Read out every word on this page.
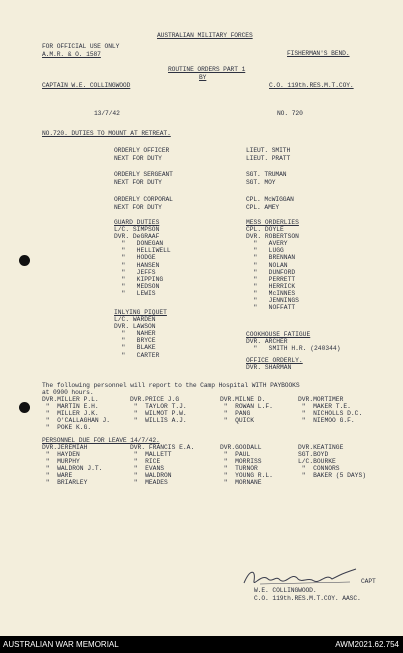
AUSTRALIAN MILITARY FORCES
FOR OFFICIAL USE ONLY
A.M.R. & O. 1587	FISHERMAN'S BEND.
ROUTINE ORDERS PART 1
BY
CAPTAIN W.E. COLLINGWOOD	C.O. 119th.RES.M.T.COY.
13/7/42	NO. 720
NO.720. DUTIES TO MOUNT AT RETREAT.
ORDERLY OFFICER	LIEUT. SMITH
NEXT FOR DUTY	LIEUT. PRATT
ORDERLY SERGEANT	SGT. TRUMAN
NEXT FOR DUTY	SGT. MOY
ORDERLY CORPORAL	CPL. McWIGGAN
NEXT FOR DUTY	CPL. AMEY
GUARD DUTIES
L/C. SIMPSON
DVR. DeGRAAF
"   DONEGAN
"   HELLIWELL
"   HODGE
"   HANSEN
"   JEFFS
"   KIPPING
"   MEDSON
"   LEWIS
MESS ORDERLIES
CPL. DOYLE
DVR. ROBERTSON
"   AVERY
"   LUGG
"   BRENNAN
"   NOLAN
"   DUNFORD
"   PERRETT
"   HERRICK
"   McINNES
"   JENNINGS
"   NOFFATT
INLYING PIQUET
L/C. WARDEN
DVR. LAWSON
"   NAHER
"   BRYCE
"   BLAKE
"   CARTER
COOKHOUSE FATIGUE
DVR. ARCHER
"   SMITH H.R. (240344)
OFFICE ORDERLY.
DVR. SHARMAN
The following personnel will report to the Camp Hospital WITH PAYBOOKS
at 0900 hours.
DVR.MILLER P.L.
"  MARTIN E.H.
"  MILLER J.K.
"  O'CALLAGHAN J.
"  POKE K.G.
DVR.PRICE J.G
"  TAYLOR T.J.
"  WILMOT P.W.
"  WILLIS A.J.
DVR.MILNE D.
"  ROWAN L.F.
"  PANG
"  QUICK
DVR.MORTIMER
"  MAKER T.E.
"  NICHOLLS D.C.
"  NIEMOO G.F.
PERSONNEL DUE FOR LEAVE 14/7/42.
DVR.JEREMIAH
"  HAYDEN
"  MURPHY
"  WALDRON J.T.
"  WARE
"  BRIARLEY
DVR. FRANCIS E.A.
"  MALLETT
"  RICE
"  EVANS
"  WALDRON
"  MEADES
DVR.GOODALL
"  PAUL
"  MORRISS
"  TURNOR
"  YOUNG R.L.
"  MORNANE
DVR.KEATINGE
SGT.BOYD
L/C.BOURKE
"  CONNORS
"  BAKER (5 DAYS)
CAPT
W.E. COLLINGWOOD.
C.O. 119th.RES.M.T.COY. AASC.
AUSTRALIAN WAR MEMORIAL	AWM2021.62.754
